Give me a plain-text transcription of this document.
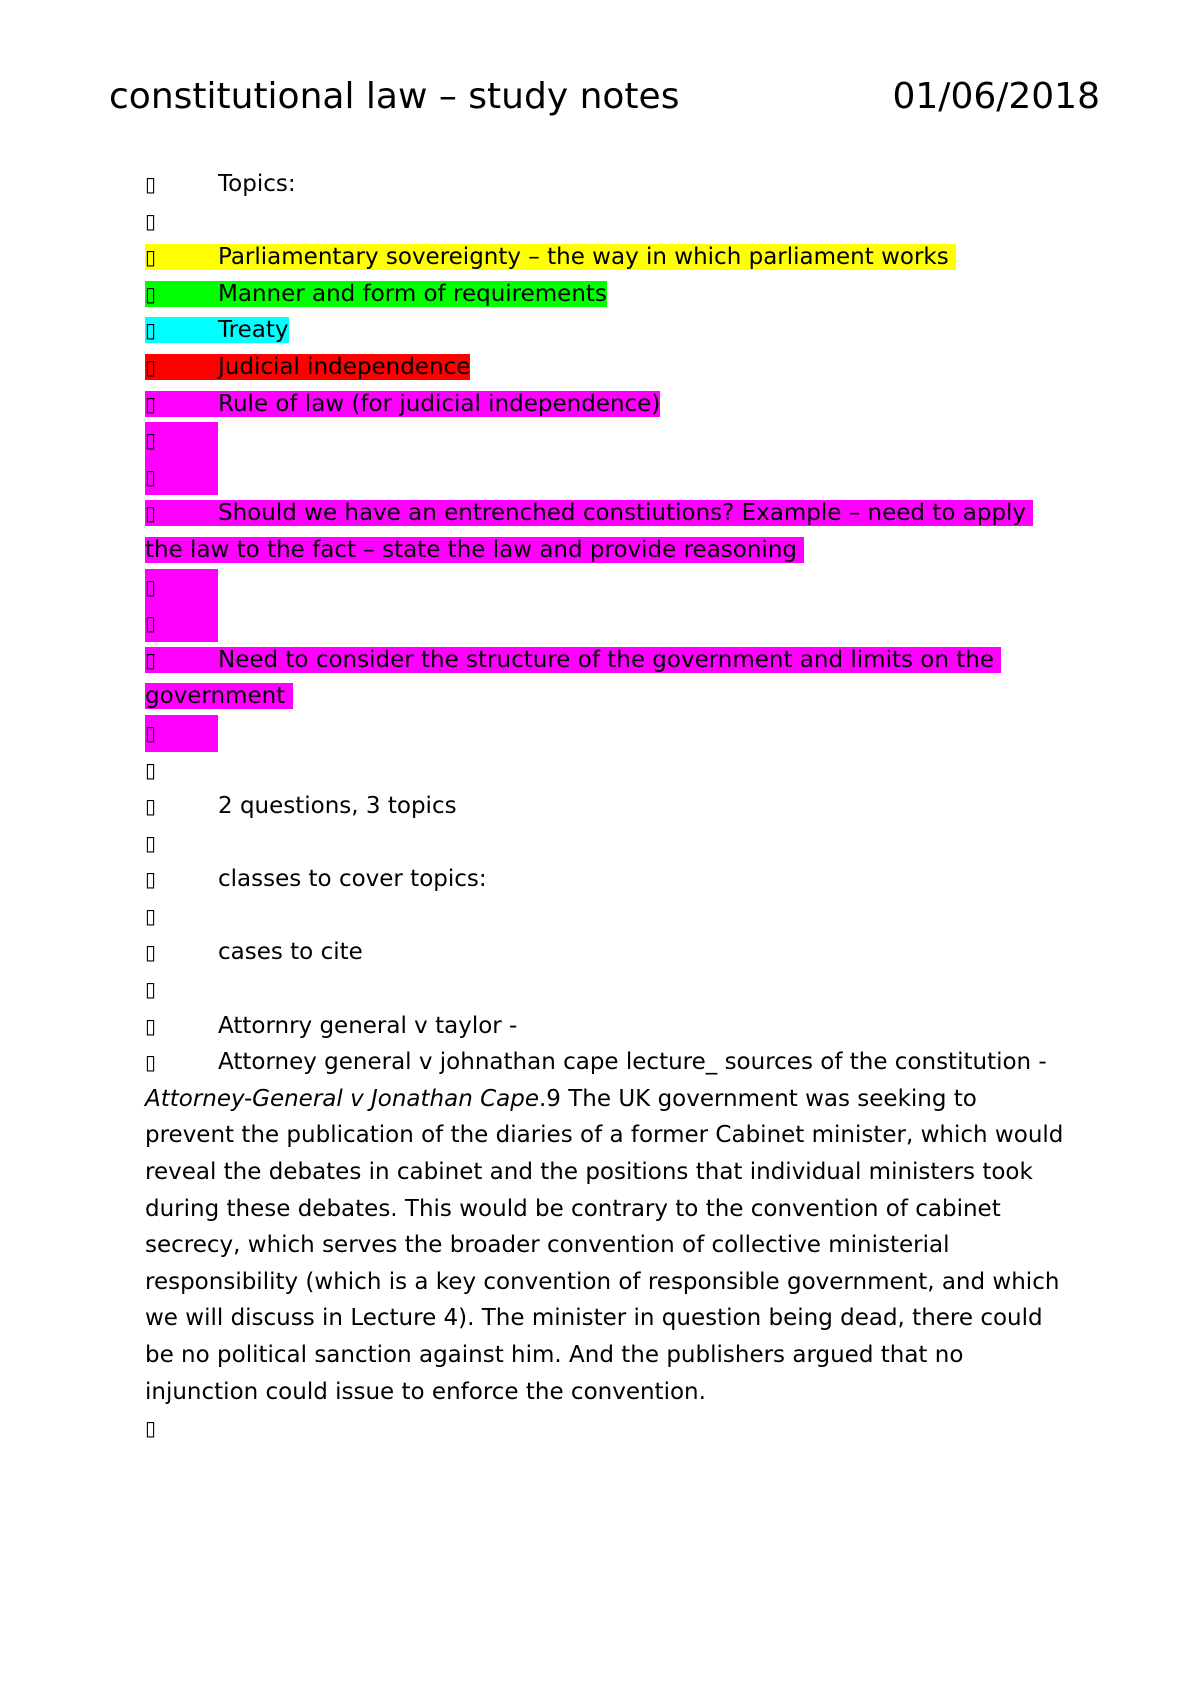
constitutional law – study notes	01/06/2018
▯ Topics:
▯
▯ Parliamentary sovereignty – the way in which parliament works
▯ Manner and form of requirements
▯ Treaty
▯ Judicial independence
▯ Rule of law (for judicial independence)
▯
▯
▯ Should we have an entrenched constiutions? Example – need to apply the law to the fact – state the law and provide reasoning
▯
▯
▯ Need to consider the structure of the government and limits on the government
▯
▯
▯ 2 questions, 3 topics
▯
▯ classes to cover topics:
▯
▯ cases to cite
▯
▯ Attornry general v taylor -
▯ Attorney general v johnathan cape lecture_ sources of the constitution - Attorney-General v Jonathan Cape.9 The UK government was seeking to prevent the publication of the diaries of a former Cabinet minister, which would reveal the debates in cabinet and the positions that individual ministers took during these debates. This would be contrary to the convention of cabinet secrecy, which serves the broader convention of collective ministerial responsibility (which is a key convention of responsible government, and which we will discuss in Lecture 4). The minister in question being dead, there could be no political sanction against him. And the publishers argued that no injunction could issue to enforce the convention.
▯
